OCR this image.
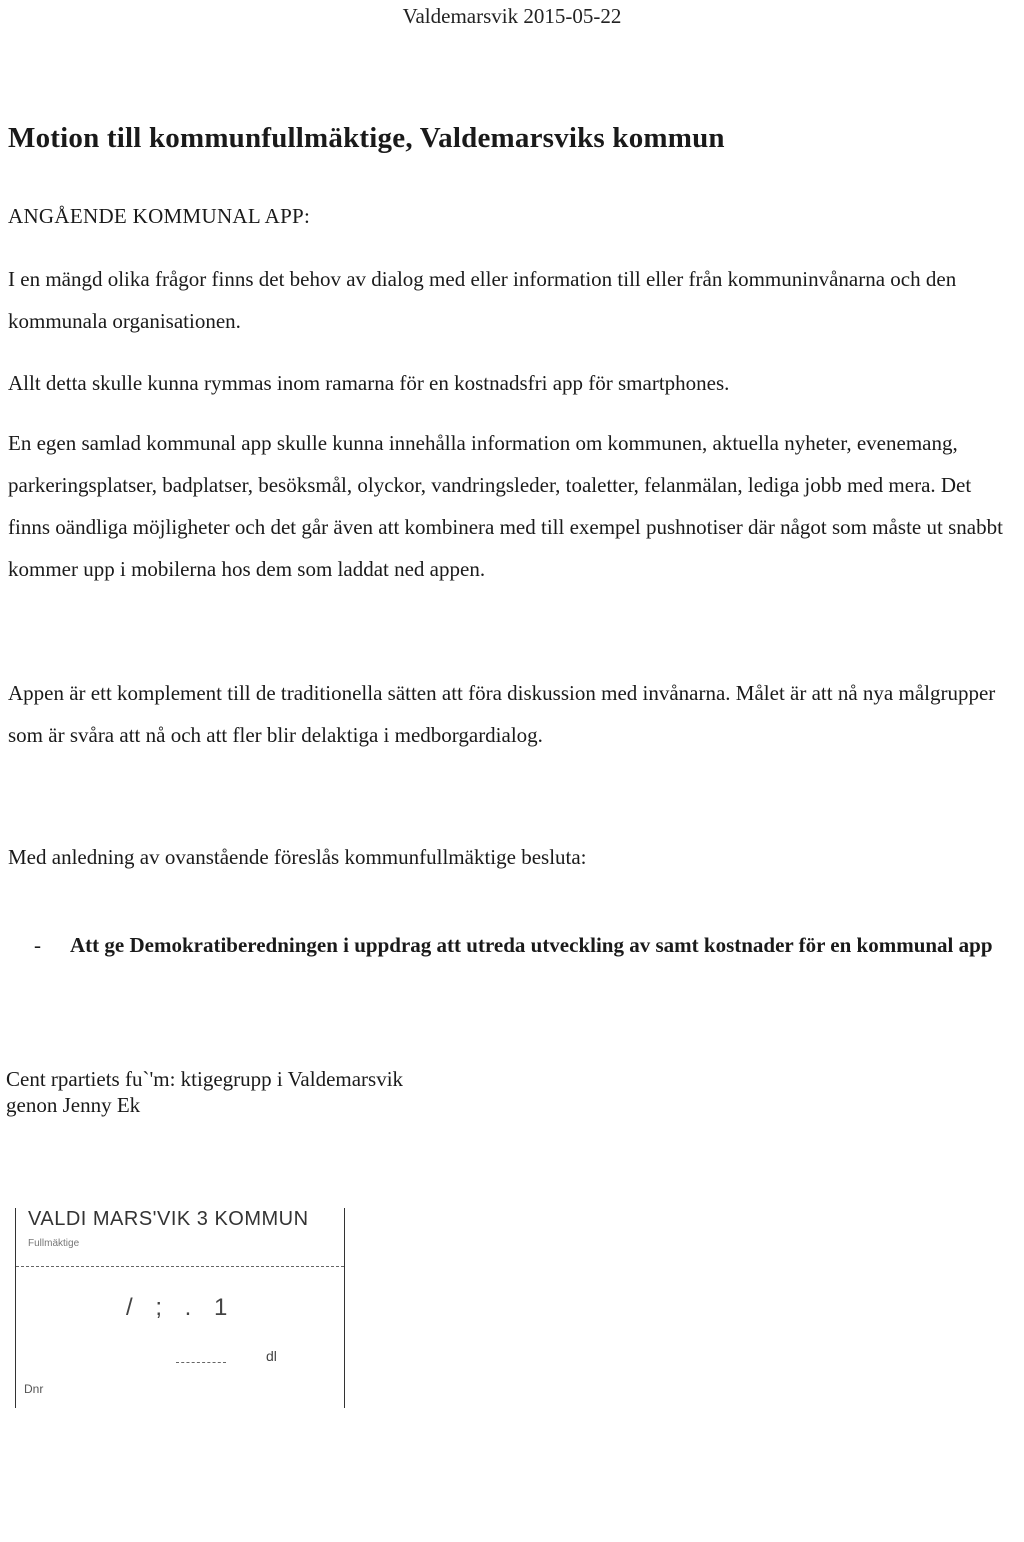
Valdemarsvik 2015-05-22
Motion till kommunfullmäktige, Valdemarsviks kommun
ANGÅENDE KOMMUNAL APP:

I en mängd olika frågor finns det behov av dialog med eller information till eller från kommuninvånarna och den kommunala organisationen.

Allt detta skulle kunna rymmas inom ramarna för en kostnadsfri app för smartphones.

En egen samlad kommunal app skulle kunna innehålla information om kommunen, aktuella nyheter, evenemang, parkeringsplatser, badplatser, besöksmål, olyckor, vandringsleder, toaletter, felanmälan, lediga jobb med mera. Det finns oändliga möjligheter och det går även att kombinera med till exempel pushnotiser där något som måste ut snabbt kommer upp i mobilerna hos dem som laddat ned appen.

Appen är ett komplement till de traditionella sätten att föra diskussion med invånarna. Målet är att nå nya målgrupper som är svåra att nå och att fler blir delaktiga i medborgardialog.

Med anledning av ovanstående föreslås kommunfullmäktige besluta:

-	Att ge Demokratiberedningen i uppdrag att utreda utveckling av samt kostnader för en kommunal app
Cent rpartiets fu`'m: ktigegrupp i Valdemarsvik
genon Jenny Ek
VALDI MARS'VIK 3 KOMMUN
Fullmäktige
/ ; . 1
dl
Dnr
